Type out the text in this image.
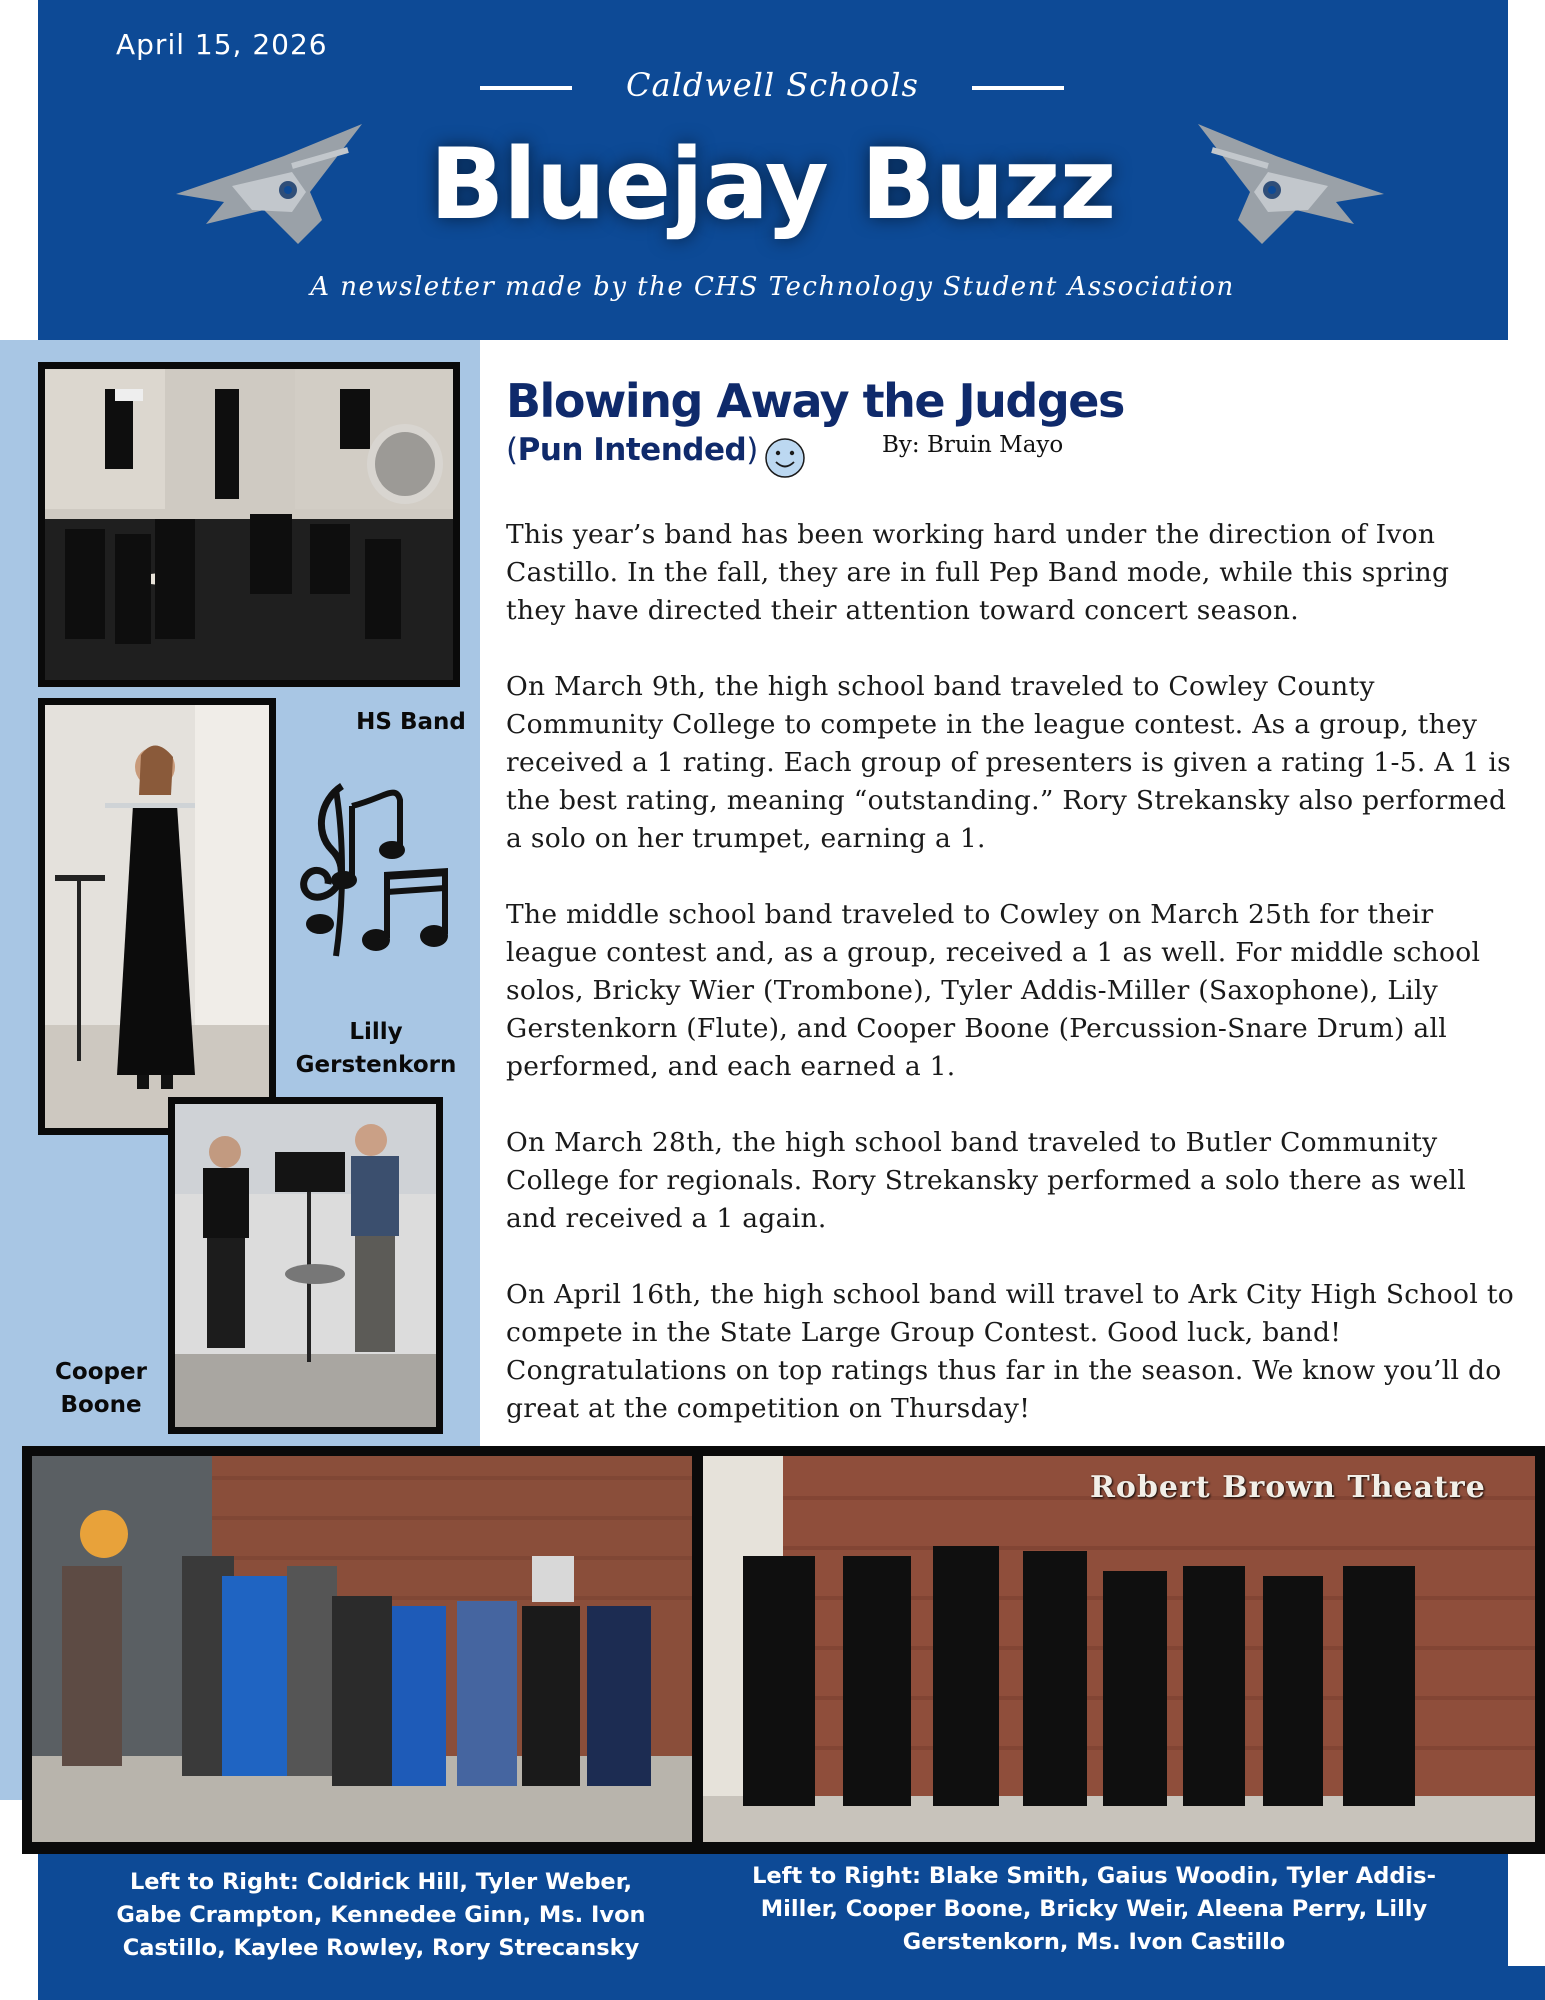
April 15, 2026
Caldwell Schools
Bluejay Buzz
A newsletter made by the CHS Technology Student Association
HS Band
Lilly Gerstenkorn
Cooper Boone
Blowing Away the Judges
(Pun Intended)	By: Bruin Mayo

This year’s band has been working hard under the direction of Ivon Castillo. In the fall, they are in full Pep Band mode, while this spring they have directed their attention toward concert season.

On March 9th, the high school band traveled to Cowley County Community College to compete in the league contest. As a group, they received a 1 rating. Each group of presenters is given a rating 1-5. A 1 is the best rating, meaning “outstanding.” Rory Strekansky also performed a solo on her trumpet, earning a 1.

The middle school band traveled to Cowley on March 25th for their league contest and, as a group, received a 1 as well. For middle school solos, Bricky Wier (Trombone), Tyler Addis-Miller (Saxophone), Lily Gerstenkorn (Flute), and Cooper Boone (Percussion-Snare Drum) all performed, and each earned a 1.

On March 28th, the high school band traveled to Butler Community College for regionals. Rory Strekansky performed a solo there as well and received a 1 again.

On April 16th, the high school band will travel to Ark City High School to compete in the State Large Group Contest. Good luck, band! Congratulations on top ratings thus far in the season. We know you’ll do great at the competition on Thursday!

Robert Brown Theatre
Left to Right: Coldrick Hill, Tyler Weber, Gabe Crampton, Kennedee Ginn, Ms. Ivon Castillo, Kaylee Rowley, Rory Strecansky
Left to Right: Blake Smith, Gaius Woodin, Tyler Addis-Miller, Cooper Boone, Bricky Weir, Aleena Perry, Lilly Gerstenkorn, Ms. Ivon Castillo
